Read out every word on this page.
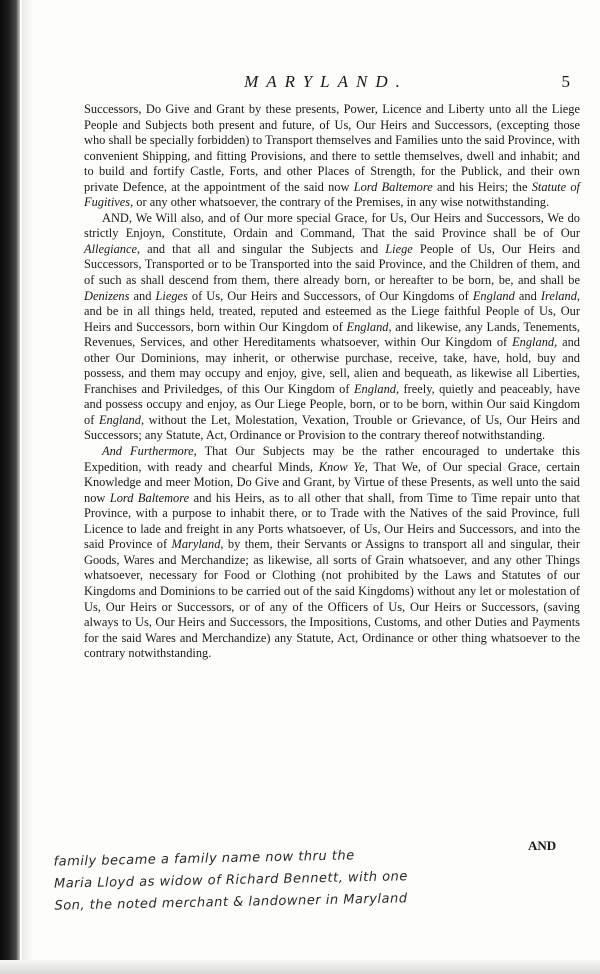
MARYLAND.	5

Successors, Do Give and Grant by these presents, Power, Licence and Liberty unto all the Liege People and Subjects both present and future, of Us, Our Heirs and Successors, (excepting those who shall be specially forbidden) to Transport themselves and Families unto the said Province, with convenient Shipping, and fitting Provisions, and there to settle themselves, dwell and inhabit; and to build and fortify Castle, Forts, and other Places of Strength, for the Publick, and their own private Defence, at the appointment of the said now Lord Baltemore and his Heirs; the Statute of Fugitives, or any other whatsoever, the contrary of the Premises, in any wise notwithstanding.

AND, We Will also, and of Our more special Grace, for Us, Our Heirs and Successors, We do strictly Enjoyn, Constitute, Ordain and Command, That the said Province shall be of Our Allegiance, and that all and singular the Subjects and Liege People of Us, Our Heirs and Successors, Transported or to be Transported into the said Province, and the Children of them, and of such as shall descend from them, there already born, or hereafter to be born, be, and shall be Denizens and Lieges of Us, Our Heirs and Successors, of Our Kingdoms of England and Ireland, and be in all things held, treated, reputed and esteemed as the Liege faithful People of Us, Our Heirs and Successors, born within Our Kingdom of England, and likewise, any Lands, Tenements, Revenues, Services, and other Hereditaments whatsoever, within Our Kingdom of England, and other Our Dominions, may inherit, or otherwise purchase, receive, take, have, hold, buy and possess, and them may occupy and enjoy, give, sell, alien and bequeath, as likewise all Liberties, Franchises and Priviledges, of this Our Kingdom of England, freely, quietly and peaceably, have and possess occupy and enjoy, as Our Liege People, born, or to be born, within Our said Kingdom of England, without the Let, Molestation, Vexation, Trouble or Grievance, of Us, Our Heirs and Successors; any Statute, Act, Ordinance or Provision to the contrary thereof notwithstanding.

And Furthermore, That Our Subjects may be the rather encouraged to undertake this Expedition, with ready and chearful Minds, Know Ye, That We, of Our special Grace, certain Knowledge and meer Motion, Do Give and Grant, by Virtue of these Presents, as well unto the said now Lord Baltemore and his Heirs, as to all other that shall, from Time to Time repair unto that Province, with a purpose to inhabit there, or to Trade with the Natives of the said Province, full Licence to lade and freight in any Ports whatsoever, of Us, Our Heirs and Successors, and into the said Province of Maryland, by them, their Servants or Assigns to transport all and singular, their Goods, Wares and Merchandize; as likewise, all sorts of Grain whatsoever, and any other Things whatsoever, necessary for Food or Clothing (not prohibited by the Laws and Statutes of our Kingdoms and Dominions to be carried out of the said Kingdoms) without any let or molestation of Us, Our Heirs or Successors, or of any of the Officers of Us, Our Heirs or Successors, (saving always to Us, Our Heirs and Successors, the Impositions, Customs, and other Duties and Payments for the said Wares and Merchandize) any Statute, Act, Ordinance or other thing whatsoever to the contrary notwithstanding.

AND
family became a family name now thru the
Maria Lloyd as widow of Richard Bennett, with one
Son, the noted merchant & landowner in Maryland
